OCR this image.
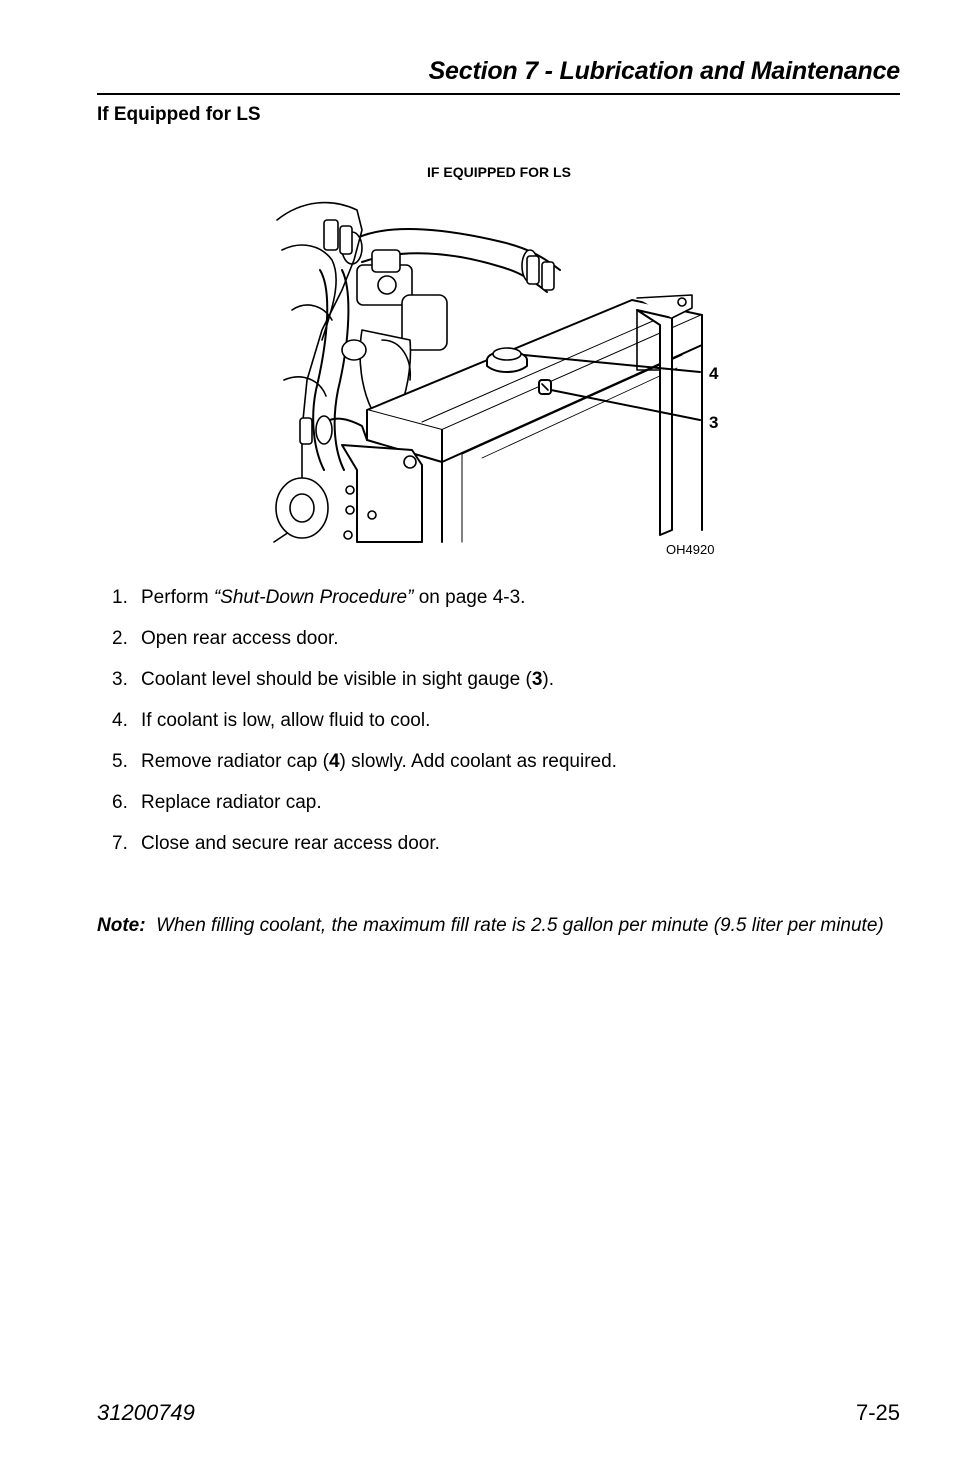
Section 7 - Lubrication and Maintenance
If Equipped for LS
IF EQUIPPED FOR LS
4
3
OH4920
1. Perform “Shut-Down Procedure” on page 4-3.
2. Open rear access door.
3. Coolant level should be visible in sight gauge (3).
4. If coolant is low, allow fluid to cool.
5. Remove radiator cap (4) slowly. Add coolant as required.
6. Replace radiator cap.
7. Close and secure rear access door.
Note: When filling coolant, the maximum fill rate is 2.5 gallon per minute (9.5 liter per minute)
31200749	7-25
